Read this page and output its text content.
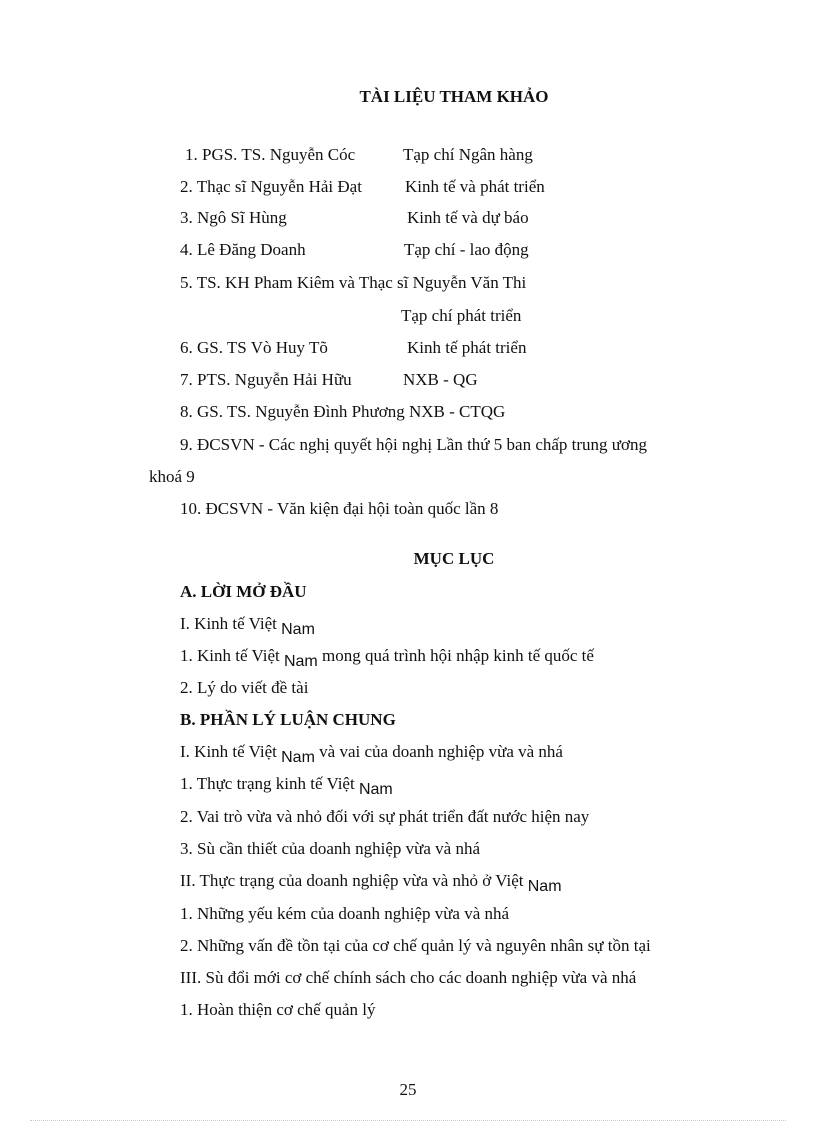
TÀI LIỆU THAM KHẢO
1. PGS. TS. Nguyễn Cóc	Tạp chí Ngân hàng
2. Thạc sĩ Nguyễn Hải Đạt	Kinh tế và phát triển
3. Ngô Sĩ Hùng	Kinh tế và dự báo
4. Lê Đăng Doanh	Tạp chí - lao động
5. TS. KH Pham Kiêm và Thạc sĩ Nguyễn Văn Thi
Tạp chí phát triển
6. GS. TS Vò Huy Tõ	Kinh tế phát triển
7. PTS. Nguyễn Hải Hữu	NXB - QG
8. GS. TS. Nguyễn Đình Phương NXB - CTQG
9. ĐCSVN - Các nghị quyết hội nghị Lần thứ 5 ban chấp trung ương
khoá 9
10. ĐCSVN - Văn kiện đại hội toàn quốc lần 8
MỤC LỤC
A. LỜI MỞ ĐẦU
I. Kinh tế Việt Nam
1. Kinh tế Việt Nam mong quá trình hội nhập kinh tế quốc tế
2. Lý do viết đề tài
B. PHẦN LÝ LUẬN CHUNG
I. Kinh tế Việt Nam và vai của doanh nghiệp vừa và nhá
1. Thực trạng kinh tế Việt Nam
2. Vai trò vừa và nhỏ đối với sự phát triển đất nước hiện nay
3. Sù cần thiết của doanh nghiệp vừa và nhá
II. Thực trạng của doanh nghiệp vừa và nhỏ ở Việt Nam
1. Những yếu kém của doanh nghiệp vừa và nhá
2. Những vấn đề tồn tại của cơ chế quản lý và nguyên nhân sự tồn tại
III. Sù đổi mới cơ chế chính sách cho các doanh nghiệp vừa và nhá
1. Hoàn thiện cơ chế quản lý
25
